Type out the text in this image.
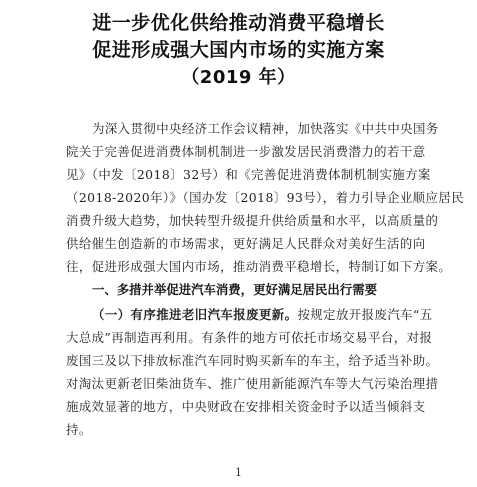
进一步优化供给推动消费平稳增长
促进形成强大国内市场的实施方案
（2019 年）
为深入贯彻中央经济工作会议精神，加快落实《中共中央国务
院关于完善促进消费体制机制进一步激发居民消费潜力的若干意
见》（中发〔2018〕32号）和《完善促进消费体制机制实施方案
（2018-2020年）》（国办发〔2018〕93号），着力引导企业顺应居民
消费升级大趋势，加快转型升级提升供给质量和水平，以高质量的
供给催生创造新的市场需求，更好满足人民群众对美好生活的向
往，促进形成强大国内市场，推动消费平稳增长，特制订如下方案。
一、多措并举促进汽车消费，更好满足居民出行需要
（一）有序推进老旧汽车报废更新。按规定放开报废汽车“五
大总成”再制造再利用。有条件的地方可依托市场交易平台，对报
废国三及以下排放标准汽车同时购买新车的车主，给予适当补助。
对淘汰更新老旧柴油货车、推广使用新能源汽车等大气污染治理措
施成效显著的地方，中央财政在安排相关资金时予以适当倾斜支
持。
1
